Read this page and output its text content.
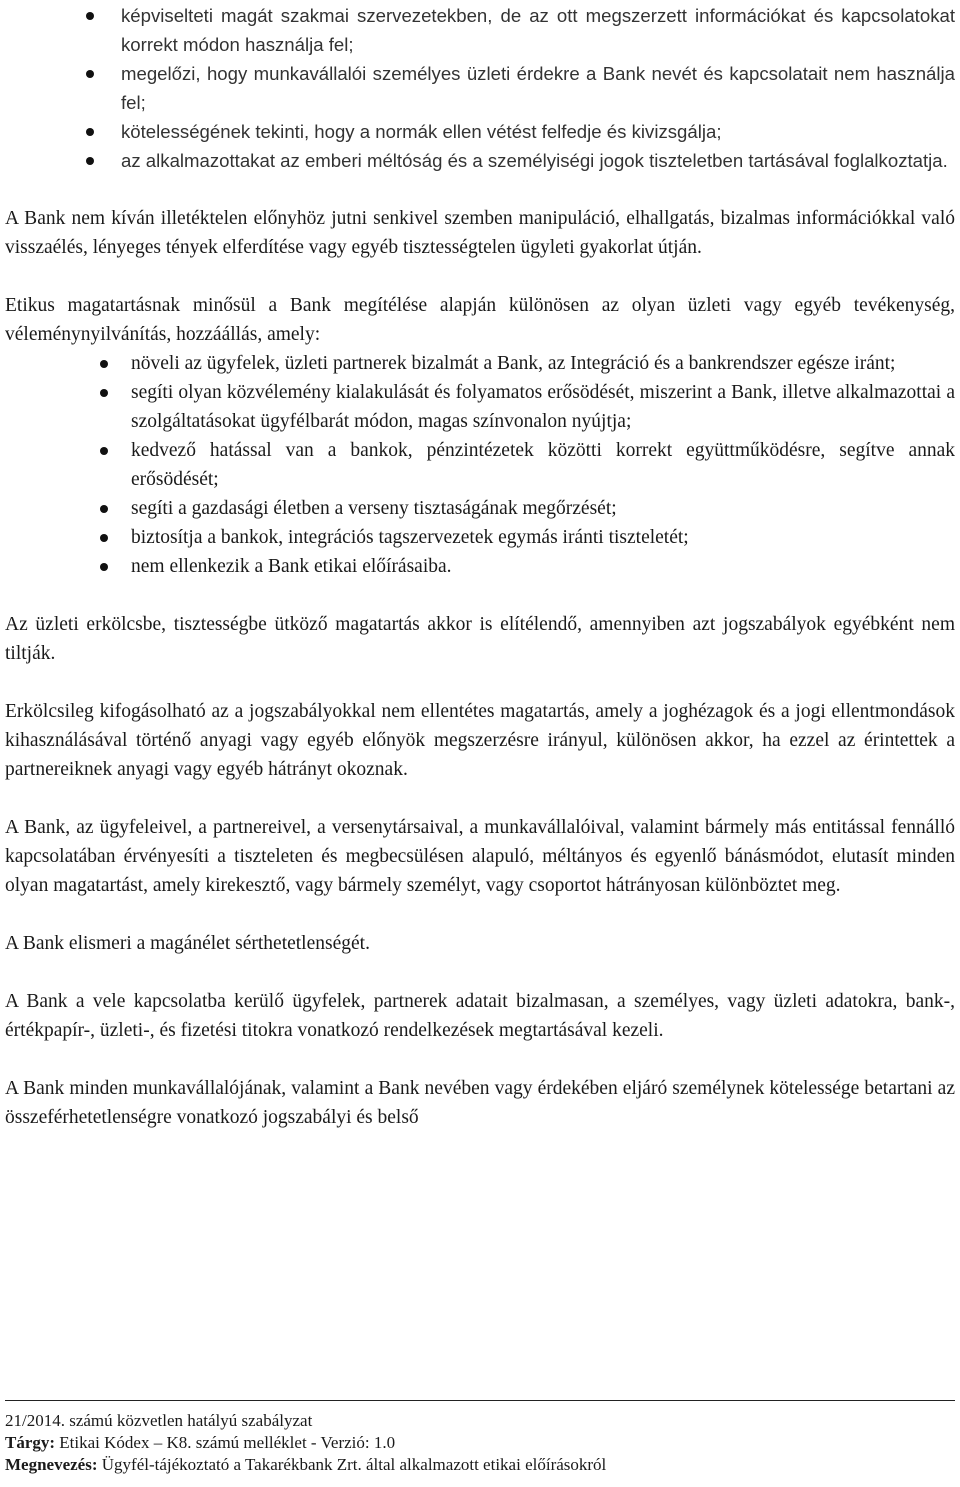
képviselteti magát szakmai szervezetekben, de az ott megszerzett információkat és kapcsolatokat korrekt módon használja fel;
megelőzi, hogy munkavállalói személyes üzleti érdekre a Bank nevét és kapcsolatait nem használja fel;
kötelességének tekinti, hogy a normák ellen vétést felfedje és kivizsgálja;
az alkalmazottakat az emberi méltóság és a személyiségi jogok tiszteletben tartásával foglalkoztatja.

A Bank nem kíván illetéktelen előnyhöz jutni senkivel szemben manipuláció, elhallgatás, bizalmas információkkal való visszaélés, lényeges tények elferdítése vagy egyéb tisztességtelen ügyleti gyakorlat útján.

Etikus magatartásnak minősül a Bank megítélése alapján különösen az olyan üzleti vagy egyéb tevékenység, véleménynyilvánítás, hozzáállás, amely:

növeli az ügyfelek, üzleti partnerek bizalmát a Bank, az Integráció és a bankrendszer egésze iránt;
segíti olyan közvélemény kialakulását és folyamatos erősödését, miszerint a Bank, illetve alkalmazottai a szolgáltatásokat ügyfélbarát módon, magas színvonalon nyújtja;
kedvező hatással van a bankok, pénzintézetek közötti korrekt együttműködésre, segítve annak erősödését;
segíti a gazdasági életben a verseny tisztaságának megőrzését;
biztosítja a bankok, integrációs tagszervezetek egymás iránti tiszteletét;
nem ellenkezik a Bank etikai előírásaiba.

Az üzleti erkölcsbe, tisztességbe ütköző magatartás akkor is elítélendő, amennyiben azt jogszabályok egyébként nem tiltják.

Erkölcsileg kifogásolható az a jogszabályokkal nem ellentétes magatartás, amely a joghézagok és a jogi ellentmondások kihasználásával történő anyagi vagy egyéb előnyök megszerzésre irányul, különösen akkor, ha ezzel az érintettek a partnereiknek anyagi vagy egyéb hátrányt okoznak.

A Bank, az ügyfeleivel, a partnereivel, a versenytársaival, a munkavállalóival, valamint bármely más entitással fennálló kapcsolatában érvényesíti a tiszteleten és megbecsülésen alapuló, méltányos és egyenlő bánásmódot, elutasít minden olyan magatartást, amely kirekesztő, vagy bármely személyt, vagy csoportot hátrányosan különböztet meg.

A Bank elismeri a magánélet sérthetetlenségét.

A Bank a vele kapcsolatba kerülő ügyfelek, partnerek adatait bizalmasan, a személyes, vagy üzleti adatokra, bank-, értékpapír-, üzleti-, és fizetési titokra vonatkozó rendelkezések megtartásával kezeli.

A Bank minden munkavállalójának, valamint a Bank nevében vagy érdekében eljáró személynek kötelessége betartani az összeférhetetlenségre vonatkozó jogszabályi és belső

21/2014. számú közvetlen hatályú szabályzat
Tárgy: Etikai Kódex – K8. számú melléklet - Verzió: 1.0
Megnevezés: Ügyfél-tájékoztató a Takarékbank Zrt. által alkalmazott etikai előírásokról
